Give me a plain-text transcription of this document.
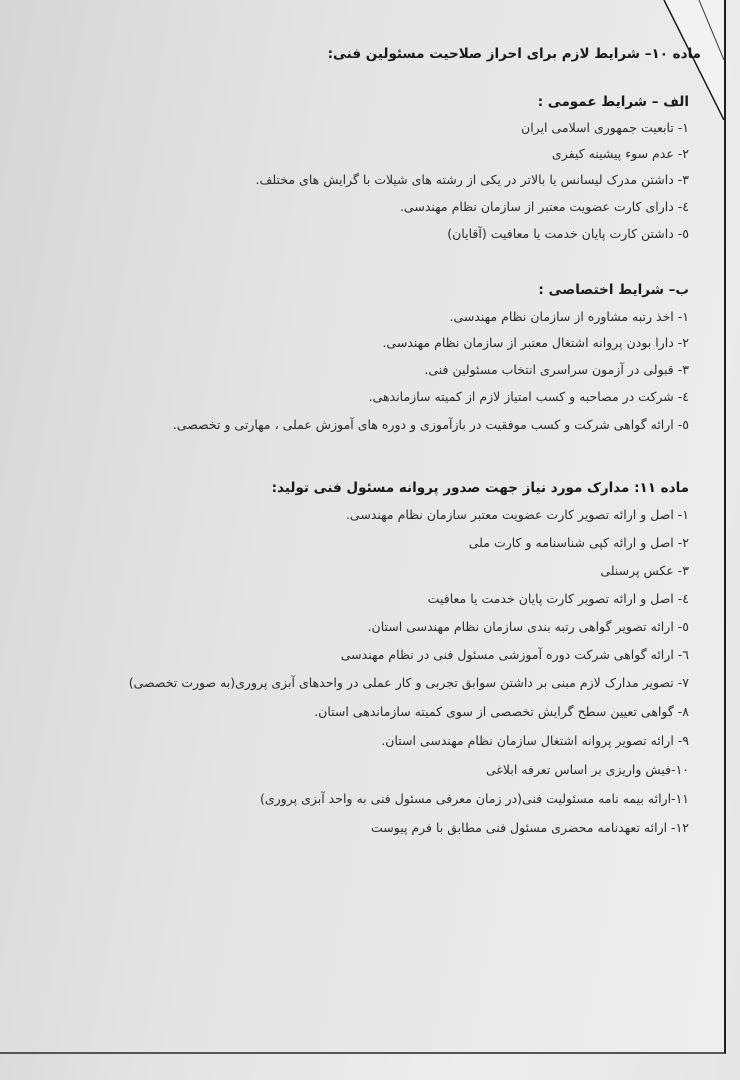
ماده ۱۰– شرایط لازم برای احراز صلاحیت مسئولین فنی:
الف – شرایط عمومی :
۱- تابعیت جمهوری اسلامی ایران
۲- عدم سوء پیشینه کیفری
۳- داشتن مدرک لیسانس یا بالاتر در یکی از رشته های شیلات با گرایش های مختلف.
٤- دارای کارت عضویت معتبر از سازمان نظام مهندسی.
٥- داشتن کارت پایان خدمت یا معافیت (آقایان)
ب– شرایط اختصاصی :
۱- اخذ رتبه مشاوره از سازمان نظام مهندسی.
۲- دارا بودن پروانه اشتغال معتبر از سازمان نظام مهندسی.
۳- قبولی در آزمون سراسری انتخاب مسئولین فنی.
٤- شرکت در مصاحبه و کسب امتیاز لازم از کمیته سازماندهی.
٥- ارائه گواهی شرکت و کسب موفقیت در بازآموزی و دوره های آموزش عملی ، مهارتی و تخصصی.
ماده ۱۱: مدارک مورد نیاز جهت صدور پروانه مسئول فنی تولید:
۱- اصل و ارائه تصویر کارت عضویت معتبر سازمان نظام مهندسی.
۲- اصل و ارائه کپی شناسنامه و کارت ملی
۳- عکس پرسنلی
٤- اصل و ارائه تصویر کارت پایان خدمت یا معافیت
٥- ارائه تصویر گواهی رتبه بندی سازمان نظام مهندسی استان.
٦- ارائه گواهی شرکت دوره آموزشی مسئول فنی در نظام مهندسی
۷- تصویر مدارک لازم مبنی بر داشتن سوابق تجربی و کار عملی در واحدهای آبزی پروری(به صورت تخصصی)
۸- گواهی تعیین سطح گرایش تخصصی از سوی کمیته سازماندهی استان.
۹- ارائه تصویر پروانه اشتغال سازمان نظام مهندسی استان.
۱۰-فیش واریزی بر اساس تعرفه ابلاغی
۱۱-ارائه بیمه نامه مسئولیت فنی(در زمان معرفی مسئول فنی به واحد آبزی پروری)
۱۲- ارائه تعهدنامه محضری مسئول فنی مطابق با فرم پیوست
